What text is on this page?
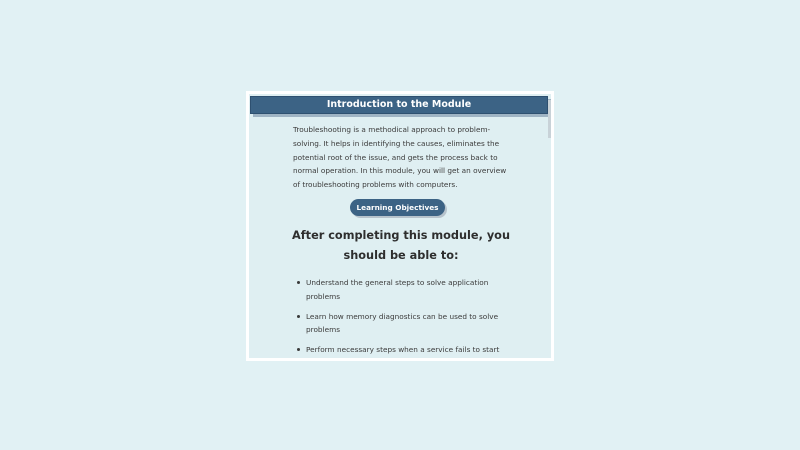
Introduction to the Module
Troubleshooting is a methodical approach to problem-solving. It helps in identifying the causes, eliminates the potential root of the issue, and gets the process back to normal operation. In this module, you will get an overview of troubleshooting problems with computers.
Learning Objectives
After completing this module, you should be able to:
Understand the general steps to solve application problems
Learn how memory diagnostics can be used to solve problems
Perform necessary steps when a service fails to start
